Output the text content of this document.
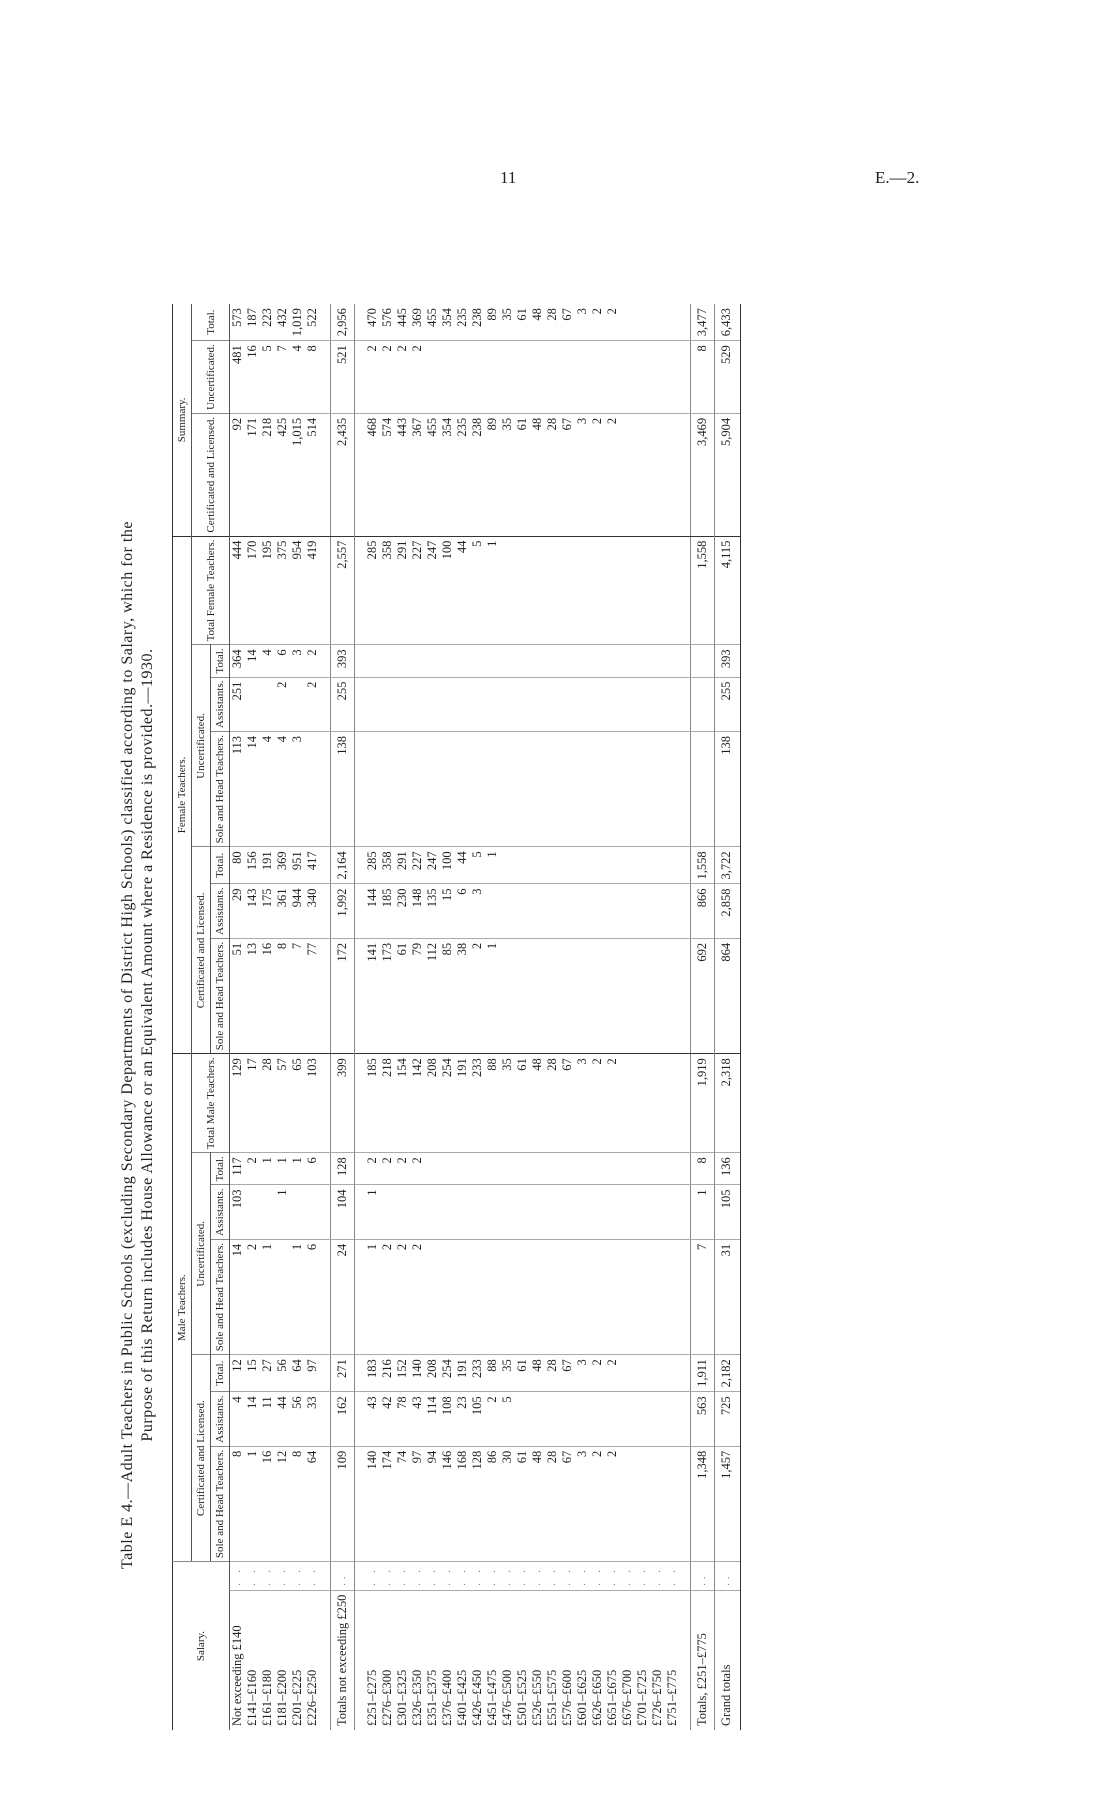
11	E.—2.
Table E 4.—Adult Teachers in Public Schools (excluding Secondary Departments of District High Schools) classified according to Salary, which for the Purpose of this Return includes House Allowance or an Equivalent Amount where a Residence is provided.—1930.
Salary.		Male Teachers.							Female Teachers.							Summary.		
		Certificated and Licensed.			Uncertificated.			Total Male Teachers.	Certificated and Licensed.			Uncertificated.			Total Female Teachers.	Certificated and Licensed.	Uncertificated.	Total.
		Sole and Head Teachers.	Assistants.	Total.	Sole and Head Teachers.	Assistants.	Total.		Sole and Head Teachers.	Assistants.	Total.	Sole and Head Teachers.	Assistants.	Total.				
Not exceeding £140	. .	8	4	12	14	103	117	129	51	29	80	113	251	364	444	92	481	573
£141–£160	. .	1	14	15	2		2	17	13	143	156	14		14	170	171	16	187
£161–£180	. .	16	11	27	1		1	28	16	175	191	4		4	195	218	5	223
£181–£200	. .	12	44	56		1	1	57	8	361	369	4	2	6	375	425	7	432
£201–£225	. .	8	56	64	1		1	65	7	944	951	3		3	954	1,015	4	1,019
£226–£250	. .	64	33	97	6		6	103	77	340	417		2	2	419	514	8	522

Totals not exceeding £250	..	109	162	271	24	104	128	399	172	1,992	2,164	138	255	393	2,557	2,435	521	2,956

£251–£275	. .	140	43	183	1	1	2	185	141	144	285				285	468	2	470
£276–£300	. .	174	42	216	2		2	218	173	185	358				358	574	2	576
£301–£325	. .	74	78	152	2		2	154	61	230	291				291	443	2	445
£326–£350	. .	97	43	140	2		2	142	79	148	227				227	367	2	369
£351–£375	. .	94	114	208				208	112	135	247				247	455		455
£376–£400	. .	146	108	254				254	85	15	100				100	354		354
£401–£425	. .	168	23	191				191	38	6	44				44	235		235
£426–£450	. .	128	105	233				233	2	3	5				5	238		238
£451–£475	. .	86	2	88				88	1		1				1	89		89
£476–£500	. .	30	5	35				35								35		35
£501–£525	. .	61		61				61								61		61
£526–£550	. .	48		48				48								48		48
£551–£575	. .	28		28				28								28		28
£576–£600	. .	67		67				67								67		67
£601–£625	. .	3		3				3								3		3
£626–£650	. .	2		2				2								2		2
£651–£675	. .	2		2				2								2		2
£676–£700	. .																	
£701–£725	. .																	
£726–£750	. .																	
£751–£775	. .																	

Totals, £251–£775	..	1,348	563	1,911	7	1	8	1,919	692	866	1,558				1,558	3,469	8	3,477
Grand totals	..	1,457	725	2,182	31	105	136	2,318	864	2,858	3,722	138	255	393	4,115	5,904	529	6,433
